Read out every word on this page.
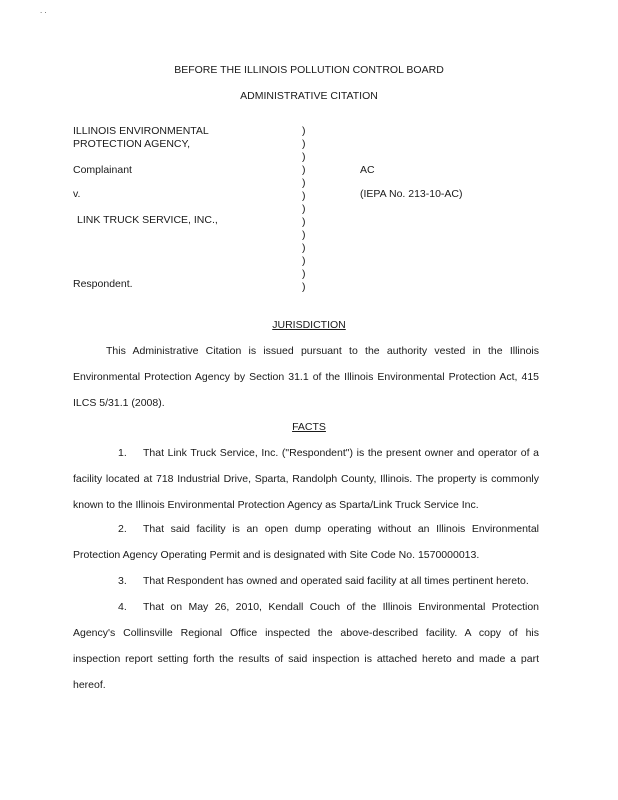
. .
BEFORE THE ILLINOIS POLLUTION CONTROL BOARD
ADMINISTRATIVE CITATION
ILLINOIS ENVIRONMENTAL
PROTECTION AGENCY,
Complainant
v.
LINK TRUCK SERVICE, INC.,
Respondent.
)
)
)
)
)
)
)
)
)
)
)
)
)
AC
(IEPA No. 213-10-AC)
JURISDICTION
This Administrative Citation is issued pursuant to the authority vested in the Illinois
Environmental Protection Agency by Section 31.1 of the Illinois Environmental Protection Act, 415
ILCS 5/31.1 (2008).
FACTS
1. That Link Truck Service, Inc. ("Respondent") is the present owner and operator of a
facility located at 718 Industrial Drive, Sparta, Randolph County, Illinois. The property is commonly
known to the Illinois Environmental Protection Agency as Sparta/Link Truck Service Inc.
2. That said facility is an open dump operating without an Illinois Environmental
Protection Agency Operating Permit and is designated with Site Code No. 1570000013.
3. That Respondent has owned and operated said facility at all times pertinent hereto.
4. That on May 26, 2010, Kendall Couch of the Illinois Environmental Protection
Agency's Collinsville Regional Office inspected the above-described facility. A copy of his
inspection report setting forth the results of said inspection is attached hereto and made a part
hereof.
